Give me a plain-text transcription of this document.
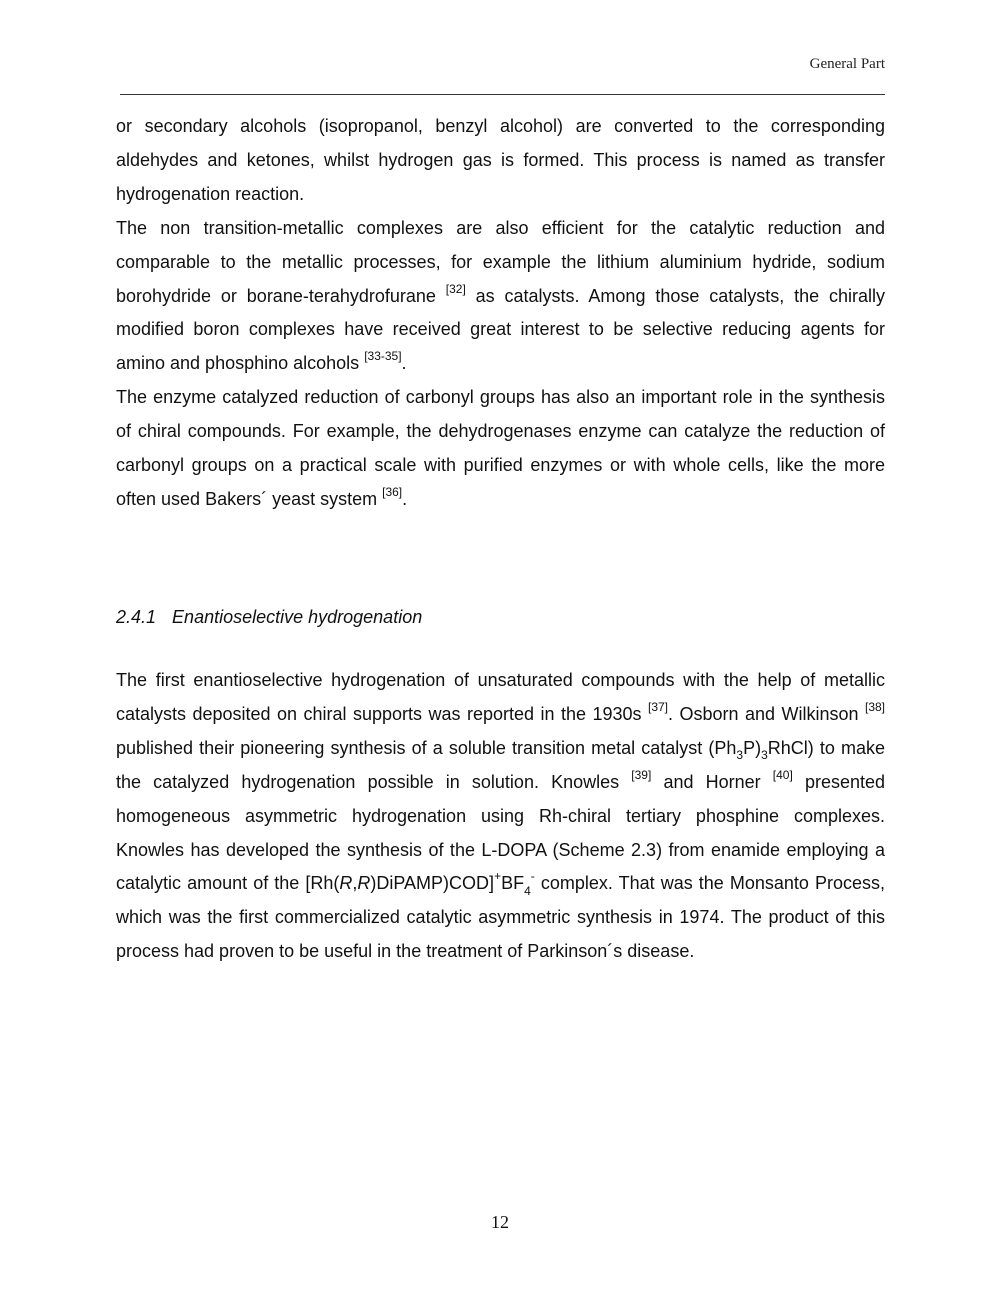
General Part

or secondary alcohols (isopropanol, benzyl alcohol) are converted to the corresponding aldehydes and ketones, whilst hydrogen gas is formed. This process is named as transfer hydrogenation reaction.

The non transition-metallic complexes are also efficient for the catalytic reduction and comparable to the metallic processes, for example the lithium aluminium hydride, sodium borohydride or borane-terahydrofurane [32] as catalysts. Among those catalysts, the chirally modified boron complexes have received great interest to be selective reducing agents for amino and phosphino alcohols [33-35].

The enzyme catalyzed reduction of carbonyl groups has also an important role in the synthesis of chiral compounds. For example, the dehydrogenases enzyme can catalyze the reduction of carbonyl groups on a practical scale with purified enzymes or with whole cells, like the more often used Bakers´ yeast system [36].

2.4.1 Enantioselective hydrogenation

The first enantioselective hydrogenation of unsaturated compounds with the help of metallic catalysts deposited on chiral supports was reported in the 1930s [37]. Osborn and Wilkinson [38] published their pioneering synthesis of a soluble transition metal catalyst $(Ph_3P)_3RhCl$) to make the catalyzed hydrogenation possible in solution. Knowles [39] and Horner [40] presented homogeneous asymmetric hydrogenation using Rh-chiral tertiary phosphine complexes. Knowles has developed the synthesis of the L-DOPA (Scheme 2.3) from enamide employing a catalytic amount of the $[Rh(R,R)DiPAMP)COD]^+BF_4^-$ complex. That was the Monsanto Process, which was the first commercialized catalytic asymmetric synthesis in 1974. The product of this process had proven to be useful in the treatment of Parkinson´s disease.

12
